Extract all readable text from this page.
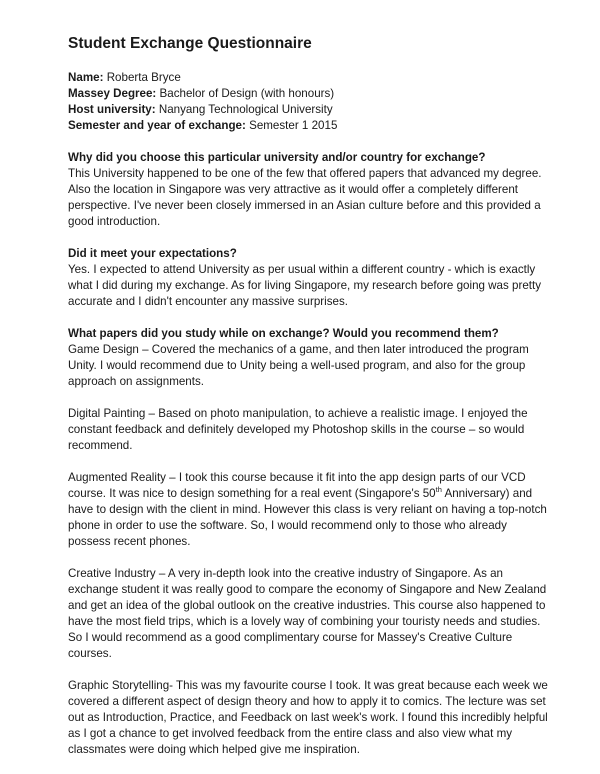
Student Exchange Questionnaire
Name: Roberta Bryce
Massey Degree: Bachelor of Design (with honours)
Host university: Nanyang Technological University
Semester and year of exchange: Semester 1 2015
Why did you choose this particular university and/or country for exchange?
This University happened to be one of the few that offered papers that advanced my degree. Also the location in Singapore was very attractive as it would offer a completely different perspective. I've never been closely immersed in an Asian culture before and this provided a good introduction.
Did it meet your expectations?
Yes. I expected to attend University as per usual within a different country - which is exactly what I did during my exchange. As for living Singapore, my research before going was pretty accurate and I didn't encounter any massive surprises.
What papers did you study while on exchange? Would you recommend them?
Game Design – Covered the mechanics of a game, and then later introduced the program Unity. I would recommend due to Unity being a well-used program, and also for the group approach on assignments.
Digital Painting – Based on photo manipulation, to achieve a realistic image. I enjoyed the constant feedback and definitely developed my Photoshop skills in the course – so would recommend.
Augmented Reality – I took this course because it fit into the app design parts of our VCD course. It was nice to design something for a real event (Singapore's 50th Anniversary) and have to design with the client in mind. However this class is very reliant on having a top-notch phone in order to use the software. So, I would recommend only to those who already possess recent phones.
Creative Industry – A very in-depth look into the creative industry of Singapore. As an exchange student it was really good to compare the economy of Singapore and New Zealand and get an idea of the global outlook on the creative industries. This course also happened to have the most field trips, which is a lovely way of combining your touristy needs and studies. So I would recommend as a good complimentary course for Massey's Creative Culture courses.
Graphic Storytelling- This was my favourite course I took. It was great because each week we covered a different aspect of design theory and how to apply it to comics. The lecture was set out as Introduction, Practice, and Feedback on last week's work. I found this incredibly helpful as I got a chance to get involved feedback from the entire class and also view what my classmates were doing which helped give me inspiration.
